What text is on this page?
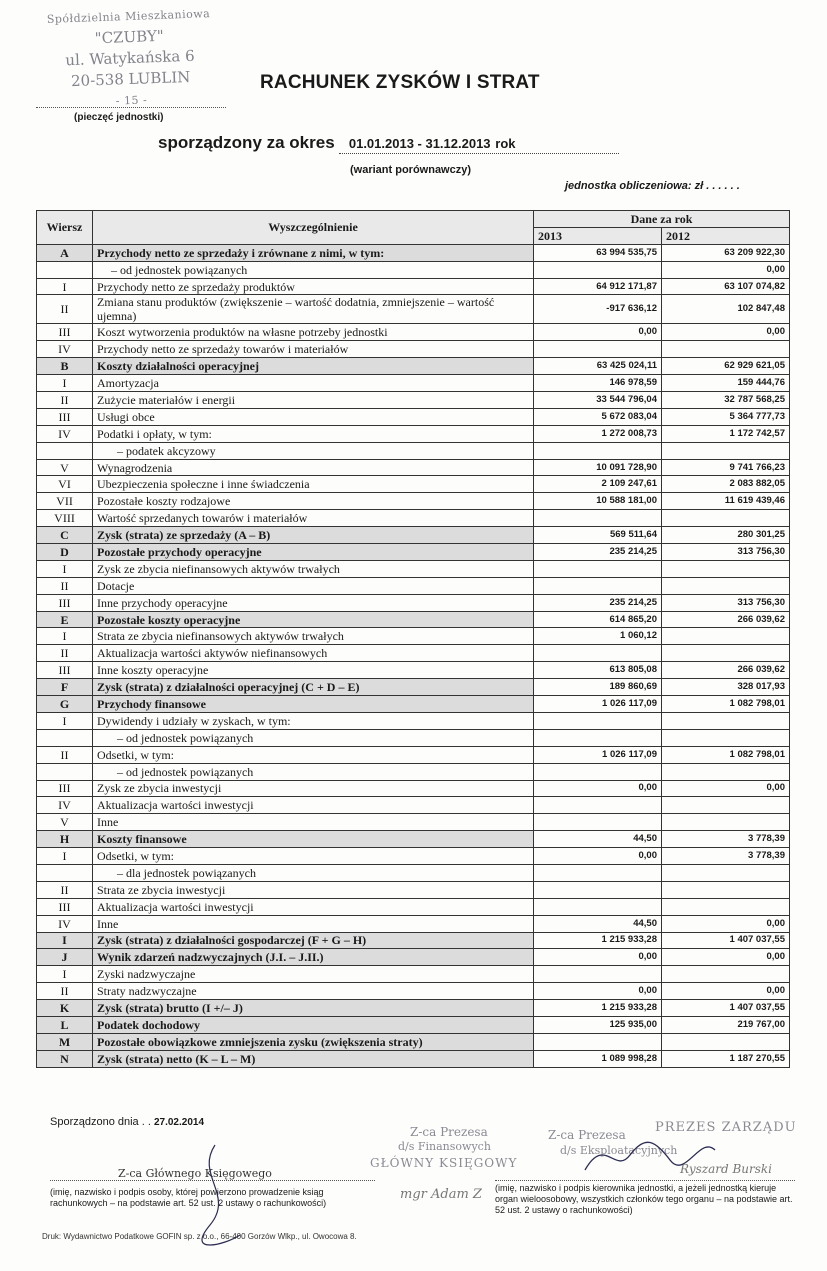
Spółdzielnia Mieszkaniowa
"CZUBY"
ul. Watykańska 6
20-538 LUBLIN
- 15 -
(pieczęć jednostki)
RACHUNEK ZYSKÓW I STRAT
sporządzony za okres 01.01.2013 - 31.12.2013 rok
(wariant porównawczy)
jednostka obliczeniowa: zł . . . . . .
Wiersz	Wyszczególnienie	Dane za rok	
		2013	2012
A	Przychody netto ze sprzedaży i zrównane z nimi, w tym:	63 994 535,75	63 209 922,30
	– od jednostek powiązanych		0,00
I	Przychody netto ze sprzedaży produktów	64 912 171,87	63 107 074,82
II	Zmiana stanu produktów (zwiększenie – wartość dodatnia, zmniejszenie – wartość ujemna)	-917 636,12	102 847,48
III	Koszt wytworzenia produktów na własne potrzeby jednostki	0,00	0,00
IV	Przychody netto ze sprzedaży towarów i materiałów		
B	Koszty działalności operacyjnej	63 425 024,11	62 929 621,05
I	Amortyzacja	146 978,59	159 444,76
II	Zużycie materiałów i energii	33 544 796,04	32 787 568,25
III	Usługi obce	5 672 083,04	5 364 777,73
IV	Podatki i opłaty, w tym:	1 272 008,73	1 172 742,57
	– podatek akcyzowy		
V	Wynagrodzenia	10 091 728,90	9 741 766,23
VI	Ubezpieczenia społeczne i inne świadczenia	2 109 247,61	2 083 882,05
VII	Pozostałe koszty rodzajowe	10 588 181,00	11 619 439,46
VIII	Wartość sprzedanych towarów i materiałów		
C	Zysk (strata) ze sprzedaży (A – B)	569 511,64	280 301,25
D	Pozostałe przychody operacyjne	235 214,25	313 756,30
I	Zysk ze zbycia niefinansowych aktywów trwałych		
II	Dotacje		
III	Inne przychody operacyjne	235 214,25	313 756,30
E	Pozostałe koszty operacyjne	614 865,20	266 039,62
I	Strata ze zbycia niefinansowych aktywów trwałych	1 060,12	
II	Aktualizacja wartości aktywów niefinansowych		
III	Inne koszty operacyjne	613 805,08	266 039,62
F	Zysk (strata) z działalności operacyjnej (C + D – E)	189 860,69	328 017,93
G	Przychody finansowe	1 026 117,09	1 082 798,01
I	Dywidendy i udziały w zyskach, w tym:		
	– od jednostek powiązanych		
II	Odsetki, w tym:	1 026 117,09	1 082 798,01
	– od jednostek powiązanych		
III	Zysk ze zbycia inwestycji	0,00	0,00
IV	Aktualizacja wartości inwestycji		
V	Inne		
H	Koszty finansowe	44,50	3 778,39
I	Odsetki, w tym:	0,00	3 778,39
	– dla jednostek powiązanych		
II	Strata ze zbycia inwestycji		
III	Aktualizacja wartości inwestycji		
IV	Inne	44,50	0,00
I	Zysk (strata) z działalności gospodarczej (F + G – H)	1 215 933,28	1 407 037,55
J	Wynik zdarzeń nadzwyczajnych (J.I. – J.II.)	0,00	0,00
I	Zyski nadzwyczajne		
II	Straty nadzwyczajne	0,00	0,00
K	Zysk (strata) brutto (I +/– J)	1 215 933,28	1 407 037,55
L	Podatek dochodowy	125 935,00	219 767,00
M	Pozostałe obowiązkowe zmniejszenia zysku (zwiększenia straty)		
N	Zysk (strata) netto (K – L – M)	1 089 998,28	1 187 270,55
Sporządzono dnia . . 27.02.2014
Z-ca Głównego Księgowego
(imię, nazwisko i podpis osoby, której powierzono prowadzenie ksiąg rachunkowych – na podstawie art. 52 ust. 2 ustawy o rachunkowości)
Z-ca Prezesa
d/s Finansowych
GŁÓWNY KSIĘGOWY
mgr Adam Z
Z-ca Prezesa
d/s Eksploatacyjnych
PREZES ZARZĄDU
Ryszard Burski
(imię, nazwisko i podpis kierownika jednostki, a jeżeli jednostką kieruje organ wieloosobowy, wszystkich członków tego organu – na podstawie art. 52 ust. 2 ustawy o rachunkowości)
Druk: Wydawnictwo Podatkowe GOFIN sp. z o.o., 66-400 Gorzów Wlkp., ul. Owocowa 8.
